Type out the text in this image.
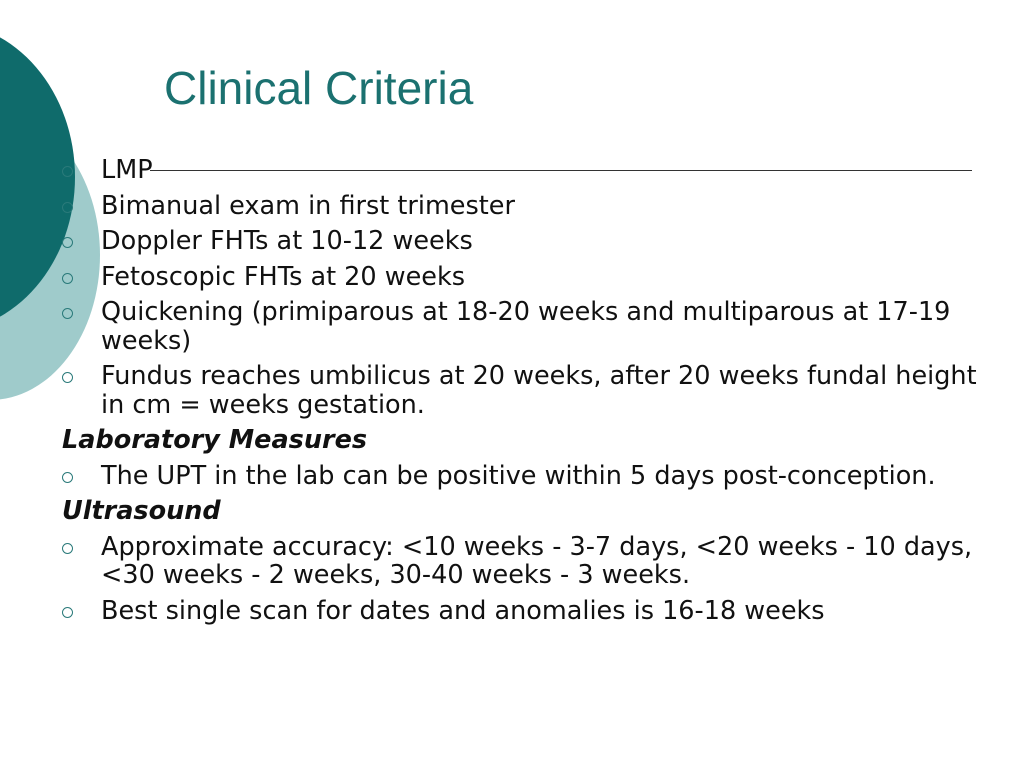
Clinical Criteria
LMP
Bimanual exam in first trimester
Doppler FHTs at 10-12 weeks
Fetoscopic FHTs at 20 weeks
Quickening (primiparous at 18-20 weeks and multiparous at 17-19 weeks)
Fundus reaches umbilicus at 20 weeks, after 20 weeks fundal height in cm = weeks gestation.
Laboratory Measures
The UPT in the lab can be positive within 5 days post-conception.
Ultrasound
Approximate accuracy: <10 weeks - 3-7 days, <20 weeks - 10 days, <30 weeks - 2 weeks, 30-40 weeks - 3 weeks.
Best single scan for dates and anomalies is 16-18 weeks
